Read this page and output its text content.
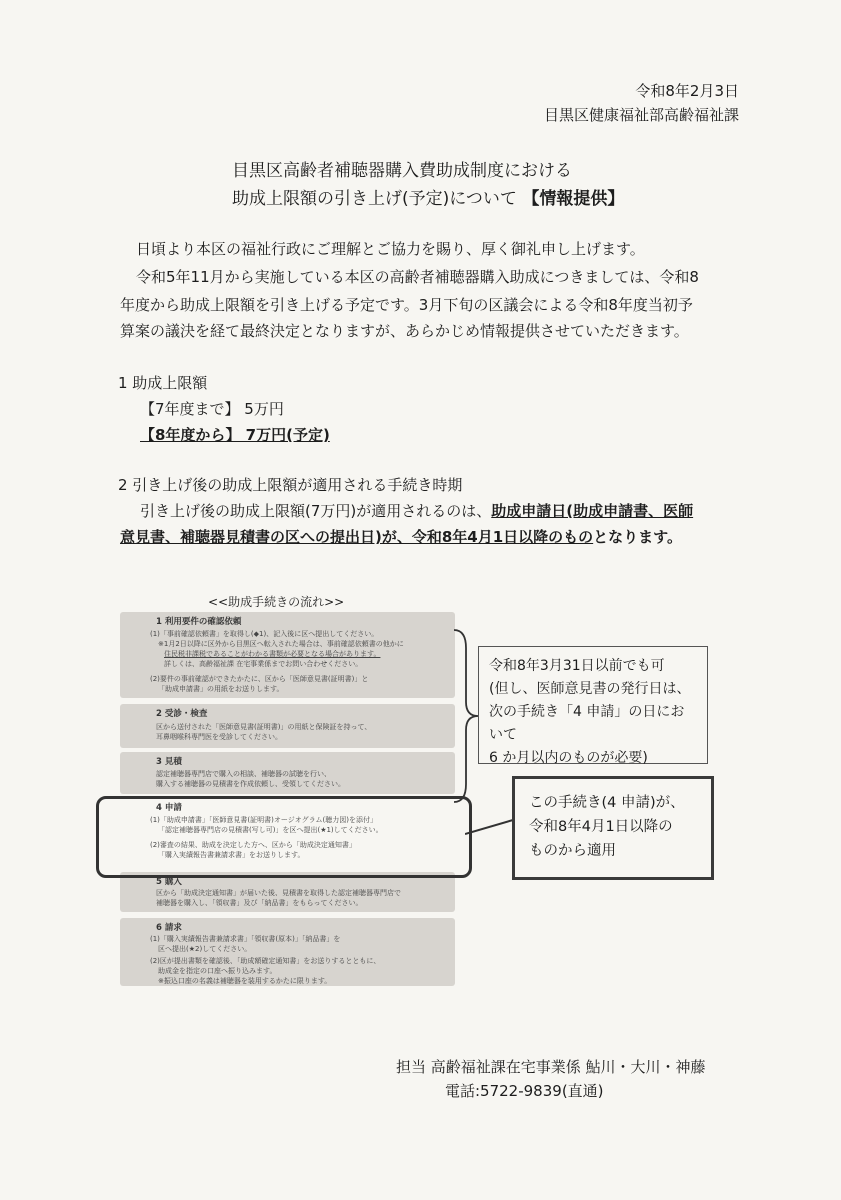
令和8年2月3日
目黒区健康福祉部高齢福祉課
目黒区高齢者補聴器購入費助成制度における
助成上限額の引き上げ(予定)について 【情報提供】
日頃より本区の福祉行政にご理解とご協力を賜り、厚く御礼申し上げます。
令和5年11月から実施している本区の高齢者補聴器購入助成につきましては、令和8
年度から助成上限額を引き上げる予定です。3月下旬の区議会による令和8年度当初予
算案の議決を経て最終決定となりますが、あらかじめ情報提供させていただきます。
1 助成上限額
【7年度まで】 5万円
【8年度から】 7万円(予定)
2 引き上げ後の助成上限額が適用される手続き時期
引き上げ後の助成上限額(7万円)が適用されるのは、助成申請日(助成申請書、医師
意見書、補聴器見積書の区への提出日)が、令和8年4月1日以降のものとなります。
<<助成手続きの流れ>>
1 利用要件の確認依頼
(1)「事前確認依頼書」を取得し(◆1)、記入後に区へ提出してください。
※1月2日以降に区外から目黒区へ転入された場合は、事前確認依頼書の他かに
住民税非課税であることがわかる書類が必要となる場合があります。
詳しくは、高齢福祉課 在宅事業係までお問い合わせください。
(2)要件の事前確認ができたかたに、区から「医師意見書(証明書)」と
「助成申請書」の用紙をお送りします。
2 受診・検査
区から送付された「医師意見書(証明書)」の用紙と保険証を持って、
耳鼻咽喉科専門医を受診してください。
3 見積
認定補聴器専門店で購入の相談、補聴器の試聴を行い、
購入する補聴器の見積書を作成依頼し、受領してください。
4 申請
(1)「助成申請書」「医師意見書(証明書)オージオグラム(聴力図)を添付」
「認定補聴器専門店の見積書(写し可)」を区へ提出(★1)してください。
(2)審査の結果、助成を決定した方へ、区から「助成決定通知書」
「購入実績報告書兼請求書」をお送りします。
5 購入
区から「助成決定通知書」が届いた後、見積書を取得した認定補聴器専門店で
補聴器を購入し、「領収書」及び「納品書」をもらってください。
6 請求
(1)「購入実績報告書兼請求書」「領収書(原本)」「納品書」を
区へ提出(★2)してください。
(2)区が提出書類を確認後、「助成額確定通知書」をお送りするとともに、
助成金を指定の口座へ振り込みます。
※振込口座の名義は補聴器を装用するかたに限ります。
令和8年3月31日以前でも可
(但し、医師意見書の発行日は、
次の手続き「4 申請」の日において
6 か月以内のものが必要)
この手続き(4 申請)が、
令和8年4月1日以降の
ものから適用
担当 高齢福祉課在宅事業係 鮎川・大川・神藤
電話:5722-9839(直通)
